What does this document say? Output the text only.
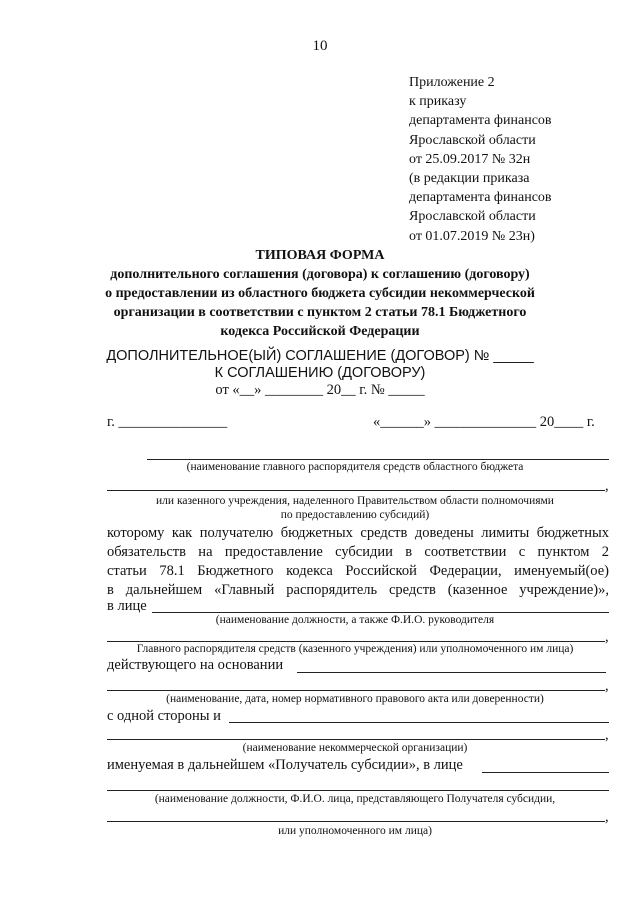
10
Приложение 2
к приказу
департамента финансов
Ярославской области
от 25.09.2017 № 32н
(в редакции приказа
департамента финансов
Ярославской области
от 01.07.2019 № 23н)
ТИПОВАЯ ФОРМА
дополнительного соглашения (договора) к соглашению (договору)
о предоставлении из областного бюджета субсидии некоммерческой
организации в соответствии с пунктом 2 статьи 78.1 Бюджетного
кодекса Российской Федерации
ДОПОЛНИТЕЛЬНОЕ(ЫЙ) СОГЛАШЕНИЕ (ДОГОВОР) № _____
К СОГЛАШЕНИЮ (ДОГОВОРУ)
от «__» ________ 20__ г. № _____
г. _______________	«______» ______________ 20____ г.
(наименование главного распорядителя средств областного бюджета
,
или казенного учреждения, наделенного Правительством области полномочиями
по предоставлению субсидий)
которому как получателю бюджетных средств доведены лимиты бюджетных
обязательств на предоставление субсидии в соответствии с пунктом 2
статьи 78.1 Бюджетного кодекса Российской Федерации, именуемый(ое)
в дальнейшем «Главный распорядитель средств (казенное учреждение)»,
в лице
(наименование должности, а также Ф.И.О. руководителя
,
Главного распорядителя средств (казенного учреждения) или уполномоченного им лица)
действующего на основании
,
(наименование, дата, номер нормативного правового акта или доверенности)
с одной стороны и
,
(наименование некоммерческой организации)
именуемая в дальнейшем «Получатель субсидии», в лице
(наименование должности, Ф.И.О. лица, представляющего Получателя субсидии,
,
или уполномоченного им лица)
